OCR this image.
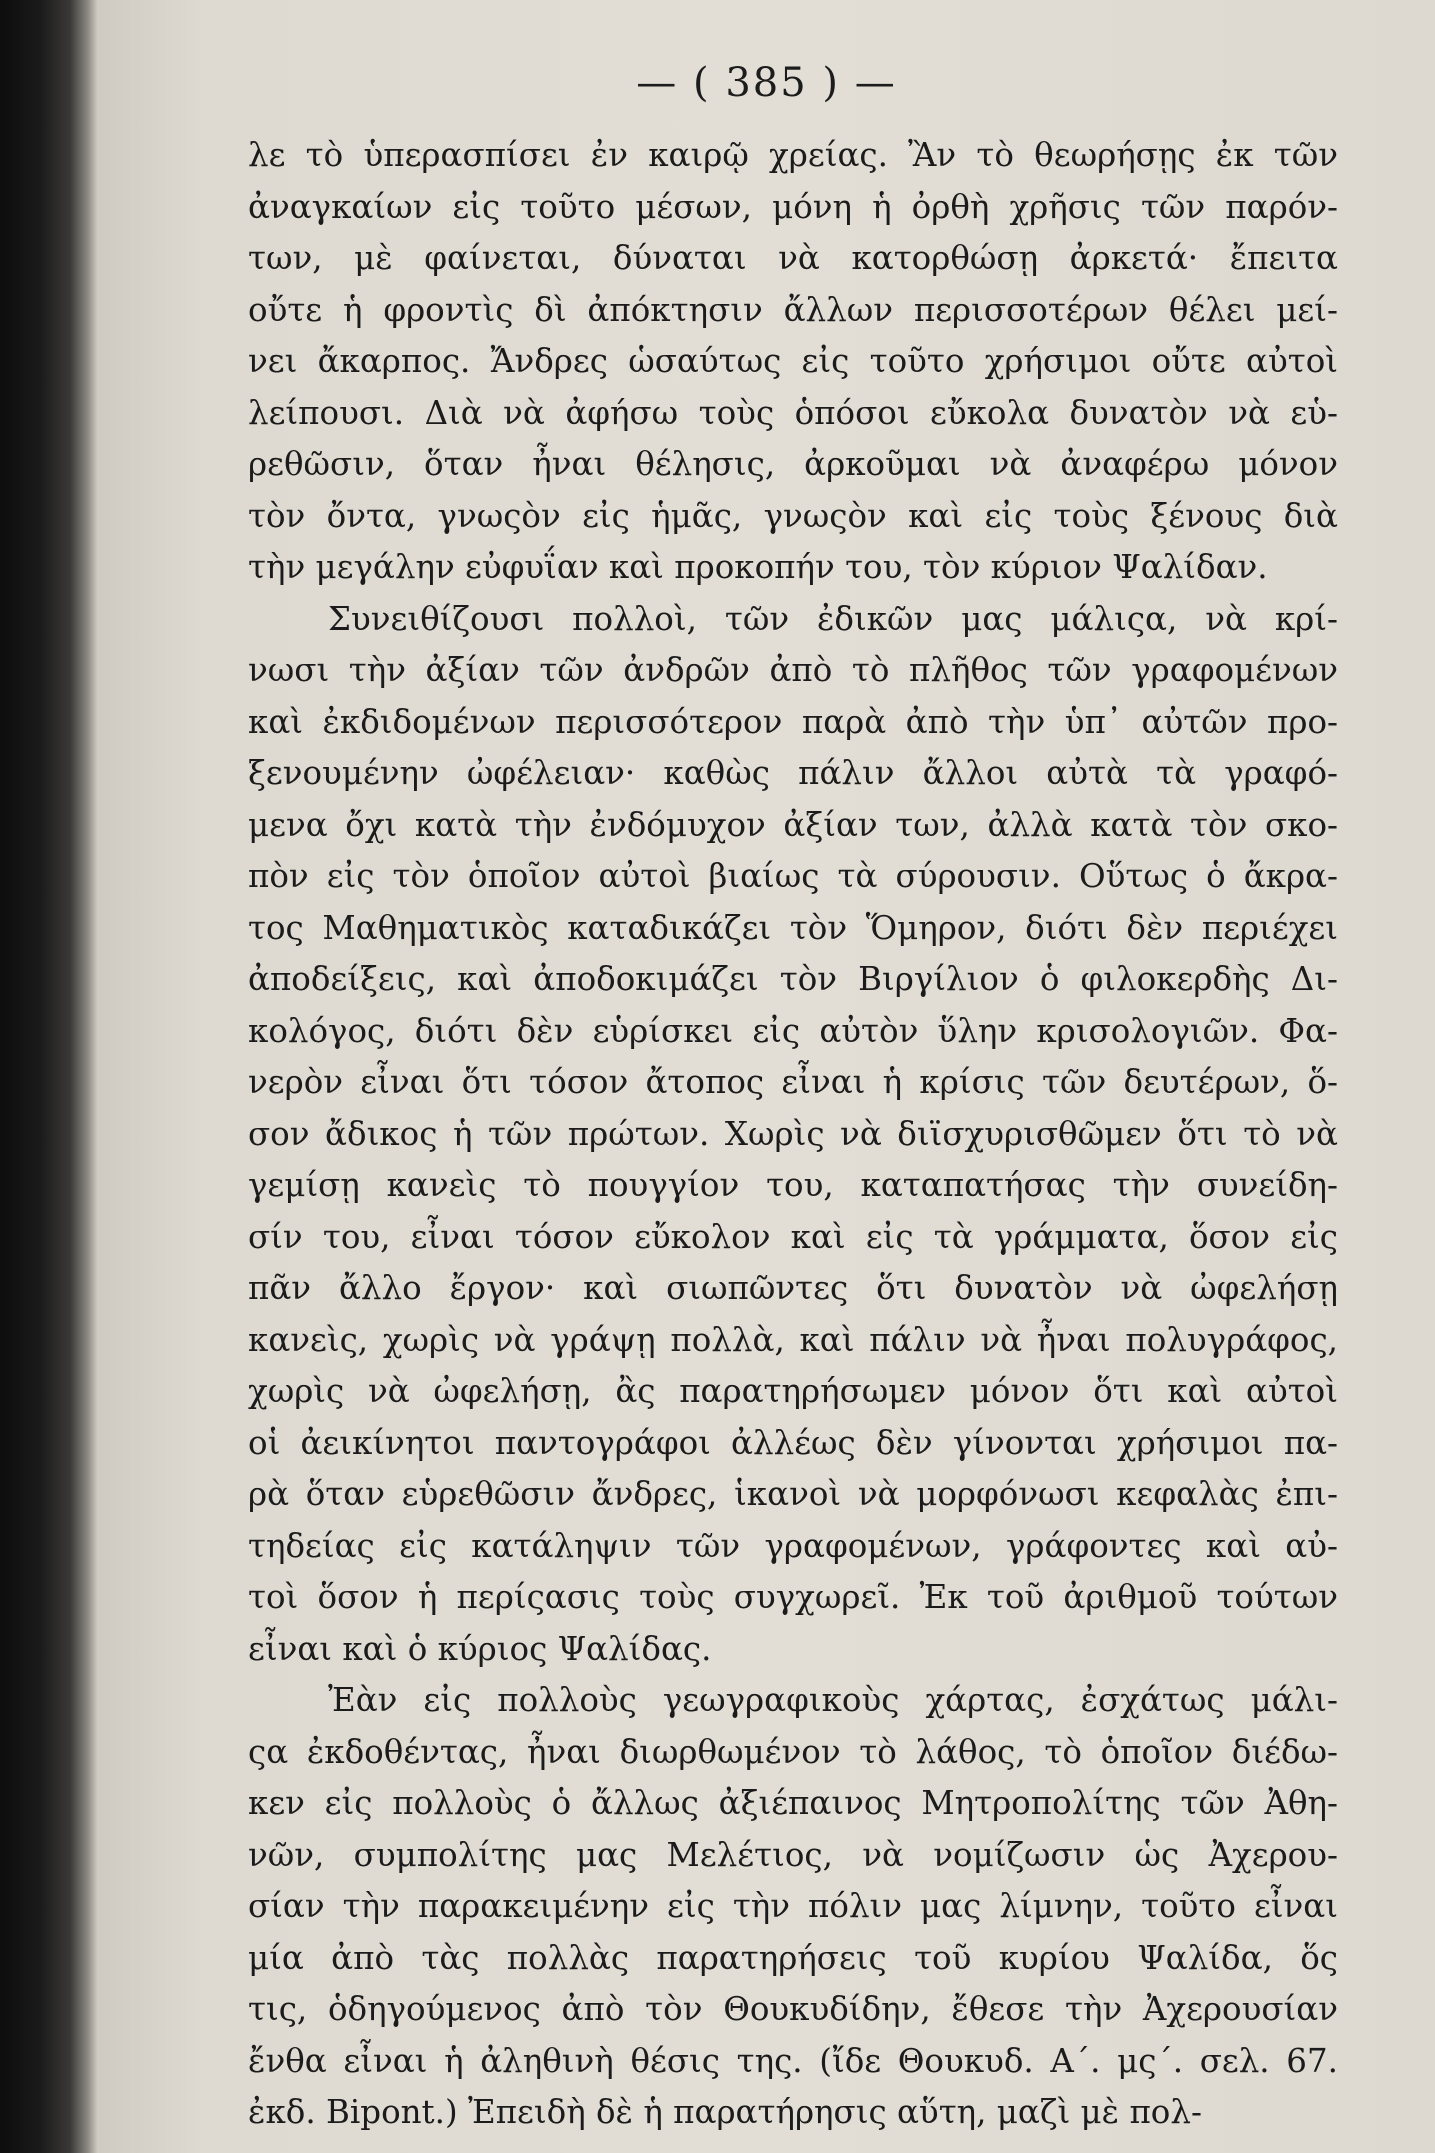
— ( 385 ) —
λε τὸ ὑπερασπίσει ἐν καιρῷ χρείας. Ἂν τὸ θεωρήσῃς ἐκ τῶν
ἀναγκαίων εἰς τοῦτο μέσων, μόνη ἡ ὀρθὴ χρῆσις τῶν παρόν-
των, μὲ φαίνεται, δύναται νὰ κατορθώσῃ ἀρκετά· ἔπειτα
οὔτε ἡ φροντὶς δὶ ἀπόκτησιν ἄλλων περισσοτέρων θέλει μεί-
νει ἄκαρπος. Ἄνδρες ὡσαύτως εἰς τοῦτο χρήσιμοι οὔτε αὐτοὶ
λείπουσι. Διὰ νὰ ἀφήσω τοὺς ὁπόσοι εὔκολα δυνατὸν νὰ εὑ-
ρεθῶσιν, ὅταν ἦναι θέλησις, ἀρκοῦμαι νὰ ἀναφέρω μόνον
τὸν ὄντα, γνωςὸν εἰς ἡμᾶς, γνωςὸν καὶ εἰς τοὺς ξένους διὰ
τὴν μεγάλην εὐφυΐαν καὶ προκοπήν του, τὸν κύριον Ψαλίδαν.
Συνειθίζουσι πολλοὶ, τῶν ἐδικῶν μας μάλιςα, νὰ κρί-
νωσι τὴν ἀξίαν τῶν ἀνδρῶν ἀπὸ τὸ πλῆθος τῶν γραφομένων
καὶ ἐκδιδομένων περισσότερον παρὰ ἀπὸ τὴν ὑπ᾽ αὐτῶν προ-
ξενουμένην ὠφέλειαν· καθὼς πάλιν ἄλλοι αὐτὰ τὰ γραφό-
μενα ὄχι κατὰ τὴν ἐνδόμυχον ἀξίαν των, ἀλλὰ κατὰ τὸν σκο-
πὸν εἰς τὸν ὁποῖον αὐτοὶ βιαίως τὰ σύρουσιν. Οὕτως ὁ ἄκρα-
τος Μαθηματικὸς καταδικάζει τὸν Ὅμηρον, διότι δὲν περιέχει
ἀποδείξεις, καὶ ἀποδοκιμάζει τὸν Βιργίλιον ὁ φιλοκερδὴς Δι-
κολόγος, διότι δὲν εὑρίσκει εἰς αὐτὸν ὕλην κρισολογιῶν. Φα-
νερὸν εἶναι ὅτι τόσον ἄτοπος εἶναι ἡ κρίσις τῶν δευτέρων, ὅ-
σον ἄδικος ἡ τῶν πρώτων. Χωρὶς νὰ διϊσχυρισθῶμεν ὅτι τὸ νὰ
γεμίσῃ κανεὶς τὸ πουγγίον του, καταπατήσας τὴν συνείδη-
σίν του, εἶναι τόσον εὔκολον καὶ εἰς τὰ γράμματα, ὅσον εἰς
πᾶν ἄλλο ἔργον· καὶ σιωπῶντες ὅτι δυνατὸν νὰ ὠφελήσῃ
κανεὶς, χωρὶς νὰ γράψῃ πολλὰ, καὶ πάλιν νὰ ἦναι πολυγράφος,
χωρὶς νὰ ὠφελήσῃ, ἂς παρατηρήσωμεν μόνον ὅτι καὶ αὐτοὶ
οἱ ἀεικίνητοι παντογράφοι ἀλλέως δὲν γίνονται χρήσιμοι πα-
ρὰ ὅταν εὑρεθῶσιν ἄνδρες, ἱκανοὶ νὰ μορφόνωσι κεφαλὰς ἐπι-
τηδείας εἰς κατάληψιν τῶν γραφομένων, γράφοντες καὶ αὐ-
τοὶ ὅσον ἡ περίςασις τοὺς συγχωρεῖ. Ἐκ τοῦ ἀριθμοῦ τούτων
εἶναι καὶ ὁ κύριος Ψαλίδας.
Ἐὰν εἰς πολλοὺς γεωγραφικοὺς χάρτας, ἐσχάτως μάλι-
ςα ἐκδοθέντας, ἦναι διωρθωμένον τὸ λάθος, τὸ ὁποῖον διέδω-
κεν εἰς πολλοὺς ὁ ἄλλως ἀξιέπαινος Μητροπολίτης τῶν Ἀθη-
νῶν, συμπολίτης μας Μελέτιος, νὰ νομίζωσιν ὡς Ἀχερου-
σίαν τὴν παρακειμένην εἰς τὴν πόλιν μας λίμνην, τοῦτο εἶναι
μία ἀπὸ τὰς πολλὰς παρατηρήσεις τοῦ κυρίου Ψαλίδα, ὅς
τις, ὁδηγούμενος ἀπὸ τὸν Θουκυδίδην, ἔθεσε τὴν Ἀχερουσίαν
ἔνθα εἶναι ἡ ἀληθινὴ θέσις της. (ἴδε Θουκυδ. Α΄. μς΄. σελ. 67.
ἐκδ. Bipont.) Ἐπειδὴ δὲ ἡ παρατήρησις αὕτη, μαζὶ μὲ πολ-
